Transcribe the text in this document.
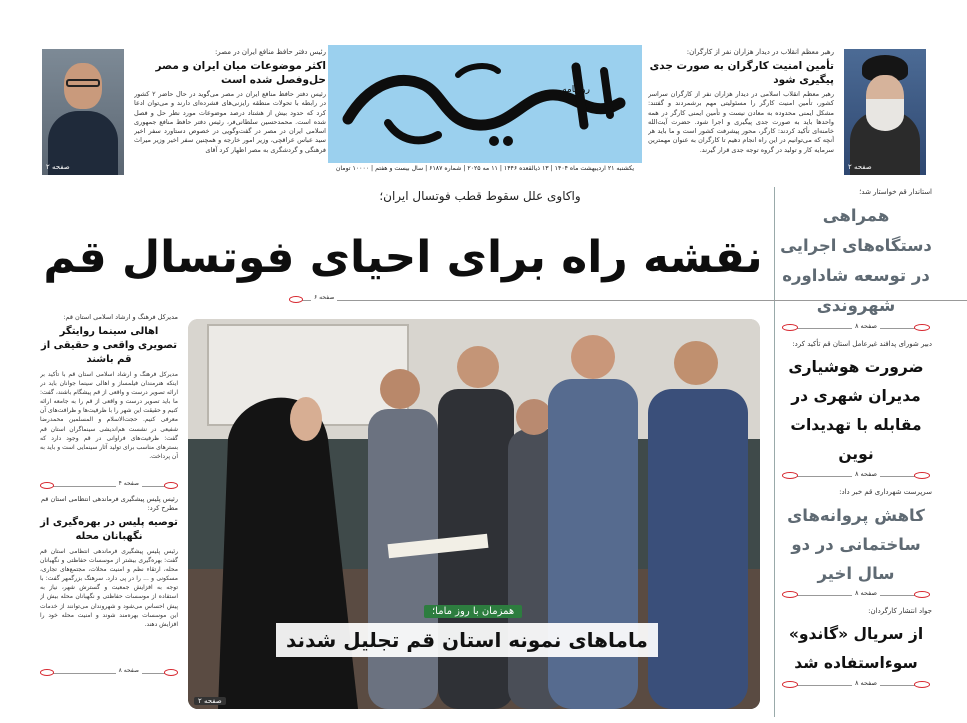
صفحه ۲
رهبر معظم انقلاب در دیدار هزاران نفر از کارگران:
تأمین امنیت کارگران به صورت جدی پیگیری شود
رهبر معظم انقلاب اسلامی در دیدار هزاران نفر از کارگران سراسر کشور، تأمین امنیت کارگر را مسئولیتی مهم برشمردند و گفتند: مشکل ایمنی محدوده به معادن نیست و تأمین ایمنی کارگر در همه واحدها باید به صورت جدی پیگیری و اجرا شود. حضرت آیت‌الله خامنه‌ای تأکید کردند: کارگر، محور پیشرفت کشور است و ما باید هر آنچه که می‌توانیم در این راه انجام دهیم تا کارگران به عنوان مهمترین سرمایه کار و تولید در گروه توجه جدی قرار گیرند.
روزنامه
یکشنبه ۲۱ اردیبهشت ماه ۱۴۰۴ | ۱۳ ذیالقعده ۱۴۴۶ | ۱۱ مه ۲۰۲۵ | شماره ۶۱۸۷ | سال بیست و هفتم | ۱۰۰۰۰ تومان
رئیس دفتر حافظ منافع ایران در مصر:
اکثر موضوعات میان ایران و مصر حل‌وفصل شده است
رئیس دفتر حافظ منافع ایران در مصر می‌گوید در حال حاضر ۲ کشور در رابطه با تحولات منطقه رایزنی‌های فشرده‌ای دارند و می‌توان ادعا کرد که حدود بیش از هشتاد درصد موضوعات مورد نظر حل و فصل شده است. محمدحسین سلطانی‌فر، رئیس دفتر حافظ منافع جمهوری اسلامی ایران در مصر در گفت‌وگویی در خصوص دستاورد سفر اخیر سید عباس عراقچی، وزیر امور خارجه و همچنین سفر اخیر وزیر میراث فرهنگی و گردشگری به مصر اظهار کرد آقای
صفحه ۲
واکاوی علل سقوط قطب فوتسال ایران؛
نقشه راه برای احیای فوتسال قم
صفحه ۶
استاندار قم خواستار شد؛
همراهی دستگاه‌های اجرایی در توسعه شاداوره شهروندی
صفحه ۸
دبیر شورای پدافند غیرعامل استان قم تأکید کرد:
ضرورت هوشیاری مدیران شهری در مقابله با تهدیدات نوین
صفحه ۸
سرپرست شهرداری قم خبر داد:
کاهش پروانه‌های ساختمانی در دو سال اخیر
صفحه ۸
جواد انتشار کارگردان:
از سریال «گاندو» سوءاستفاده شد
صفحه ۸
مدیرکل فرهنگ و ارشاد اسلامی استان قم:
اهالی سینما روایتگر تصویری واقعی و حقیقی از قم باشند
مدیرکل فرهنگ و ارشاد اسلامی استان قم با تأکید بر اینکه هنرمندان فیلمساز و اهالی سینما جوانان باید در ارائه تصویر درست و واقعی از قم پیشگام باشند، گفت: ما باید تصویر درست و واقعی از قم را به جامعه ارائه کنیم و حقیقت این شهر را با ظرفیت‌ها و ظرافت‌های آن معرفی کنیم. حجت‌الاسلام و المسلمین محمدرضا شفیعی در نشست هم‌اندیشی سینماگران استان قم گفت: ظرفیت‌های فراوانی در قم وجود دارد که بسترهای مناسب برای تولید آثار سینمایی است و باید به آن پرداخت.
صفحه ۴
رئیس پلیس پیشگیری فرماندهی انتظامی استان قم مطرح کرد:
توصیه پلیس در بهره‌گیری از نگهبانان محله
رئیس پلیس پیشگیری فرماندهی انتظامی استان قم گفت: بهره‌گیری بیشتر از موسسات حفاظتی و نگهبانان محله، ارتقاء نظم و امنیت محلات، مجتمع‌های تجاری، مسکونی و ... را در پی دارد. سرهنگ بزرگمهر گفت: با توجه به افزایش جمعیت و گسترش شهر، نیاز به استفاده از موسسات حفاظتی و نگهبانان محله بیش از پیش احساس می‌شود و شهروندان می‌توانند از خدمات این موسسات بهره‌مند شوند و امنیت محله خود را افزایش دهند.
صفحه ۸
همزمان با روز ماما؛
ماماهای نمونه استان قم تجلیل شدند
صفحه ۲
